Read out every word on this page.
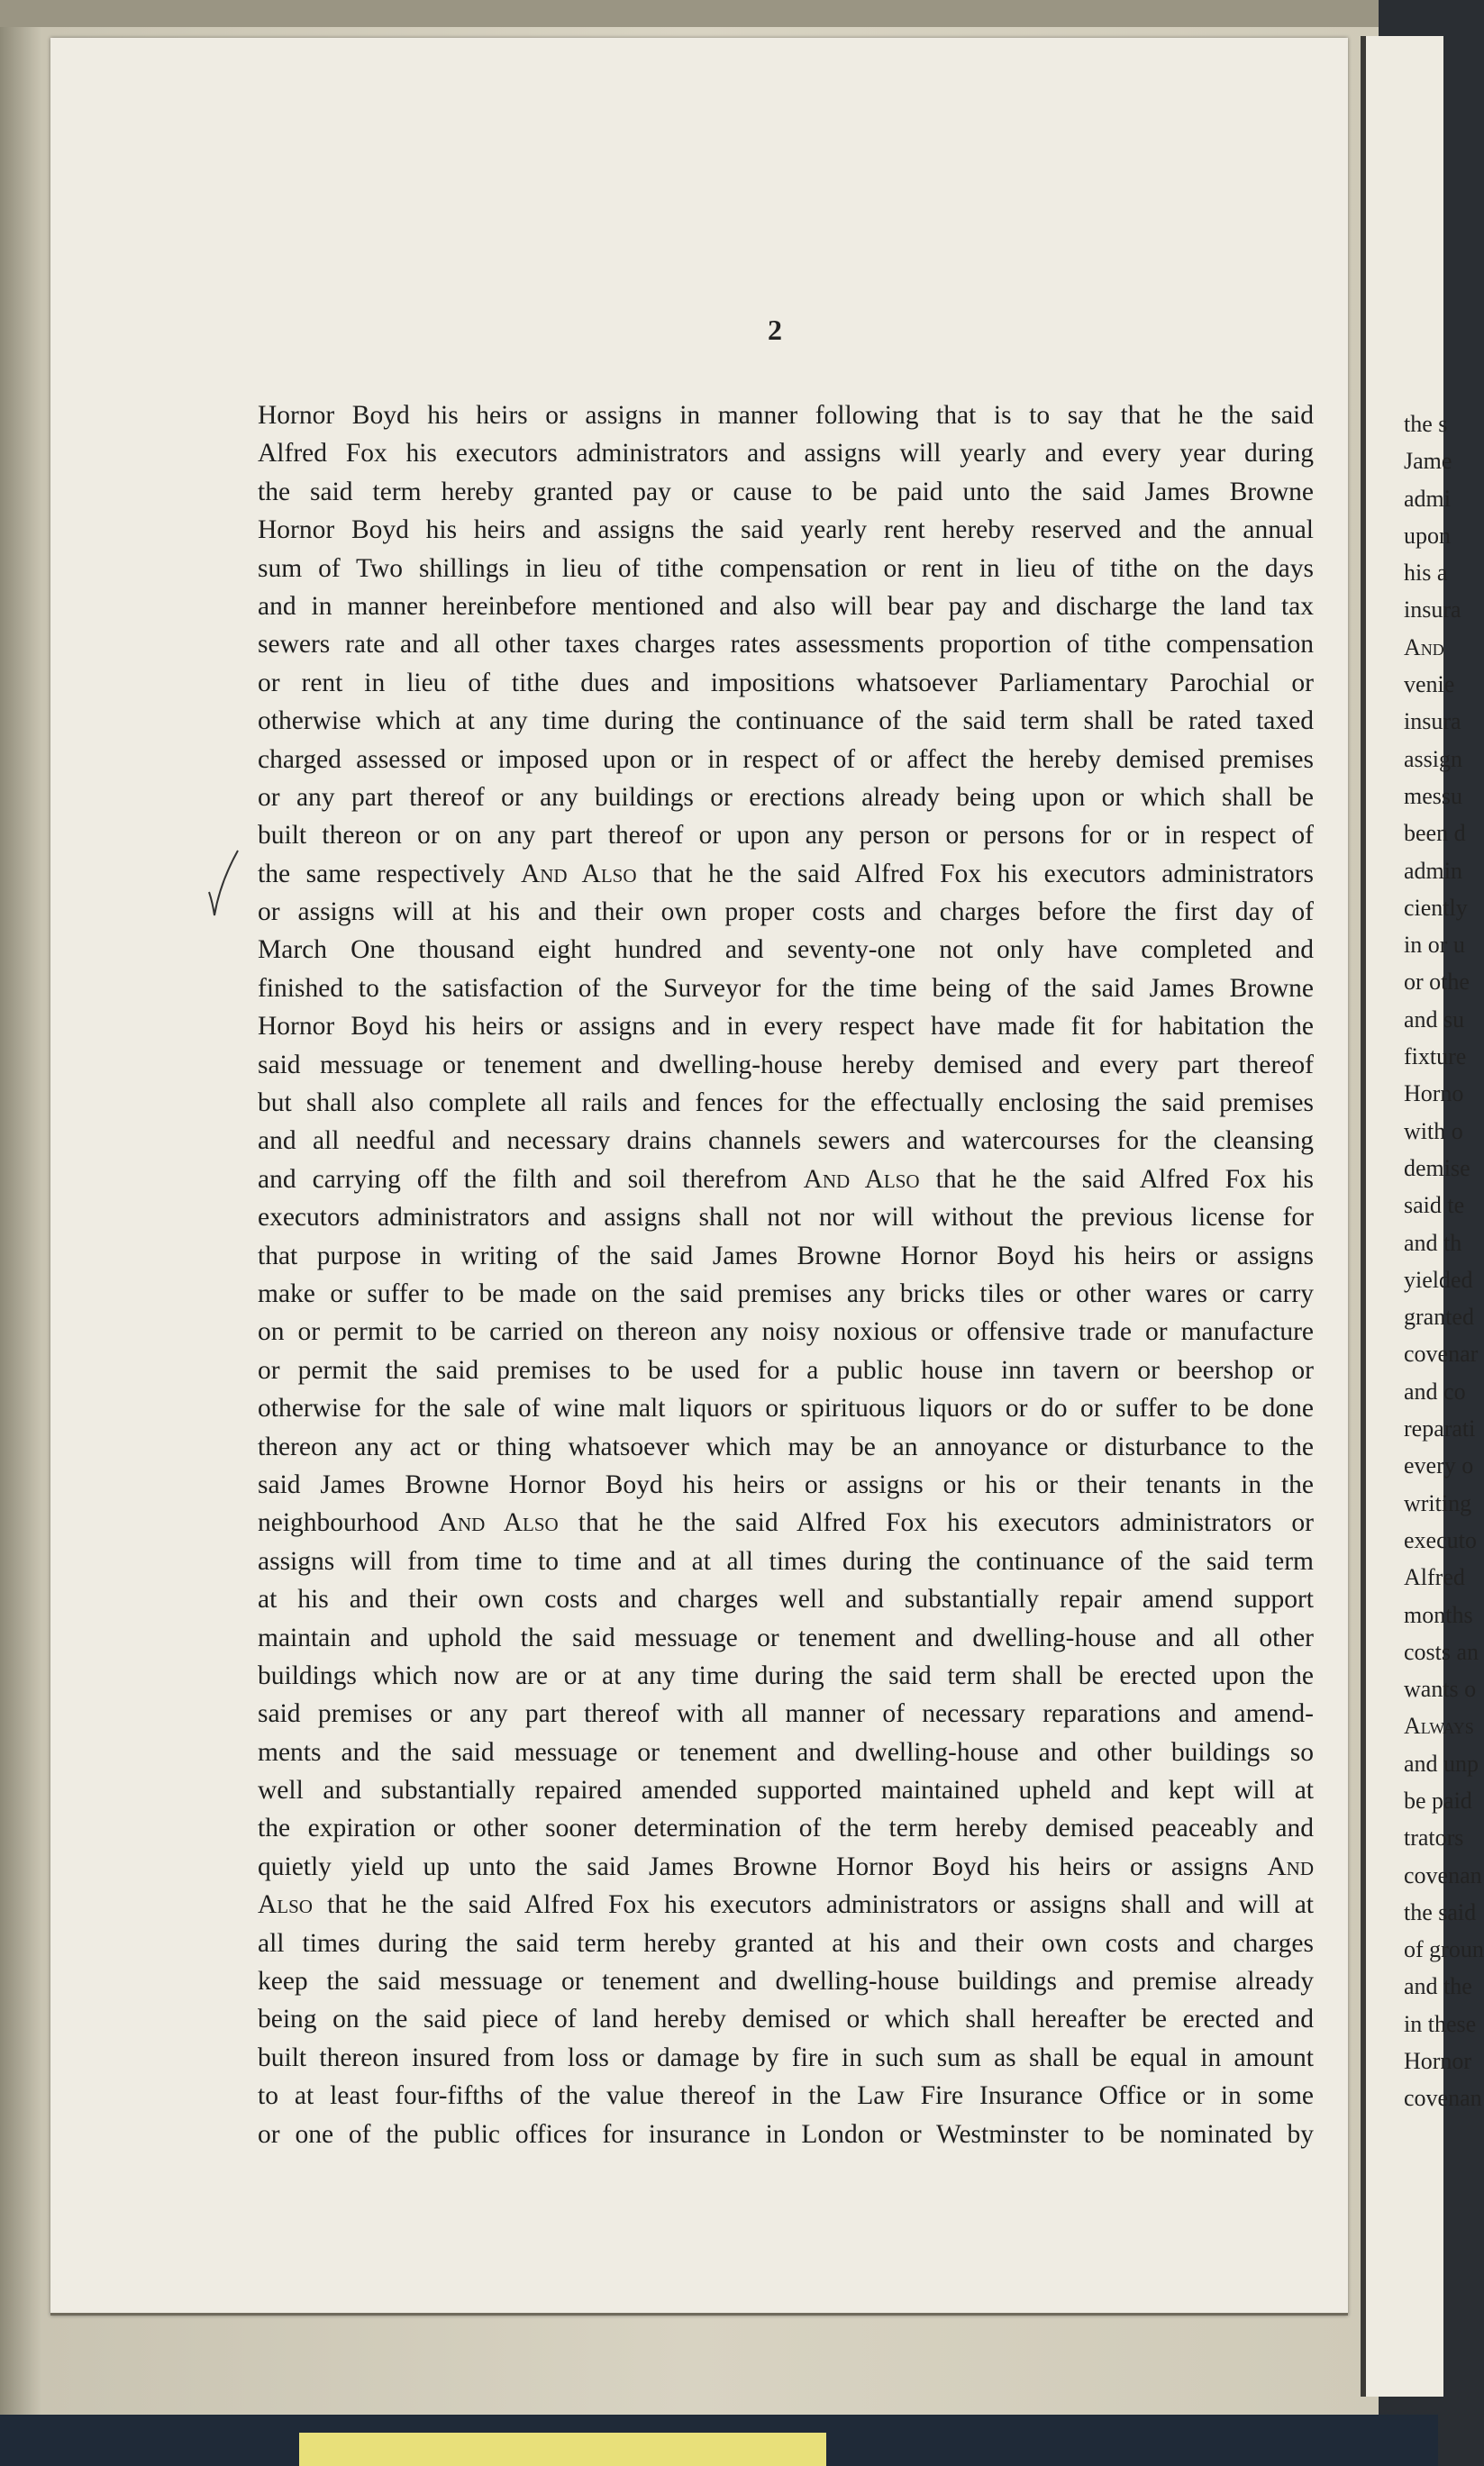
2
Hornor Boyd his heirs or assigns in manner following that is to say that he the said
Alfred Fox his executors administrators and assigns will yearly and every year during
the said term hereby granted pay or cause to be paid unto the said James Browne
Hornor Boyd his heirs and assigns the said yearly rent hereby reserved and the annual
sum of Two shillings in lieu of tithe compensation or rent in lieu of tithe on the days
and in manner hereinbefore mentioned and also will bear pay and discharge the land tax
sewers rate and all other taxes charges rates assessments proportion of tithe compensation
or rent in lieu of tithe dues and impositions whatsoever Parliamentary Parochial or
otherwise which at any time during the continuance of the said term shall be rated taxed
charged assessed or imposed upon or in respect of or affect the hereby demised premises
or any part thereof or any buildings or erections already being upon or which shall be
built thereon or on any part thereof or upon any person or persons for or in respect of
the same respectively And Also that he the said Alfred Fox his executors administrators
or assigns will at his and their own proper costs and charges before the first day of
March One thousand eight hundred and seventy-one not only have completed and
finished to the satisfaction of the Surveyor for the time being of the said James Browne
Hornor Boyd his heirs or assigns and in every respect have made fit for habitation the
said messuage or tenement and dwelling-house hereby demised and every part thereof
but shall also complete all rails and fences for the effectually enclosing the said premises
and all needful and necessary drains channels sewers and watercourses for the cleansing
and carrying off the filth and soil therefrom And Also that he the said Alfred Fox his
executors administrators and assigns shall not nor will without the previous license for
that purpose in writing of the said James Browne Hornor Boyd his heirs or assigns
make or suffer to be made on the said premises any bricks tiles or other wares or carry
on or permit to be carried on thereon any noisy noxious or offensive trade or manufacture
or permit the said premises to be used for a public house inn tavern or beershop or
otherwise for the sale of wine malt liquors or spirituous liquors or do or suffer to be done
thereon any act or thing whatsoever which may be an annoyance or disturbance to the
said James Browne Hornor Boyd his heirs or assigns or his or their tenants in the
neighbourhood And Also that he the said Alfred Fox his executors administrators or
assigns will from time to time and at all times during the continuance of the said term
at his and their own costs and charges well and substantially repair amend support
maintain and uphold the said messuage or tenement and dwelling-house and all other
buildings which now are or at any time during the said term shall be erected upon the
said premises or any part thereof with all manner of necessary reparations and amend-
ments and the said messuage or tenement and dwelling-house and other buildings so
well and substantially repaired amended supported maintained upheld and kept will at
the expiration or other sooner determination of the term hereby demised peaceably and
quietly yield up unto the said James Browne Hornor Boyd his heirs or assigns And
Also that he the said Alfred Fox his executors administrators or assigns shall and will at
all times during the said term hereby granted at his and their own costs and charges
keep the said messuage or tenement and dwelling-house buildings and premise already
being on the said piece of land hereby demised or which shall hereafter be erected and
built thereon insured from loss or damage by fire in such sum as shall be equal in amount
to at least four-fifths of the value thereof in the Law Fire Insurance Office or in some
or one of the public offices for insurance in London or Westminster to be nominated by
the s
Jame
admi
upon
his a
insura
And
venie
insura
assign
messu
been d
admin
ciently
in or u
or othe
and su
fixture
Horno
with o
demise
said te
and th
yielded
granted
covenar
and co
reparati
every o
writing
executo
Alfred
months
costs an
wants o
Always
and unp
be paid
trators
covenan
the said
of groun
and the
in these
Hornor
covenan
